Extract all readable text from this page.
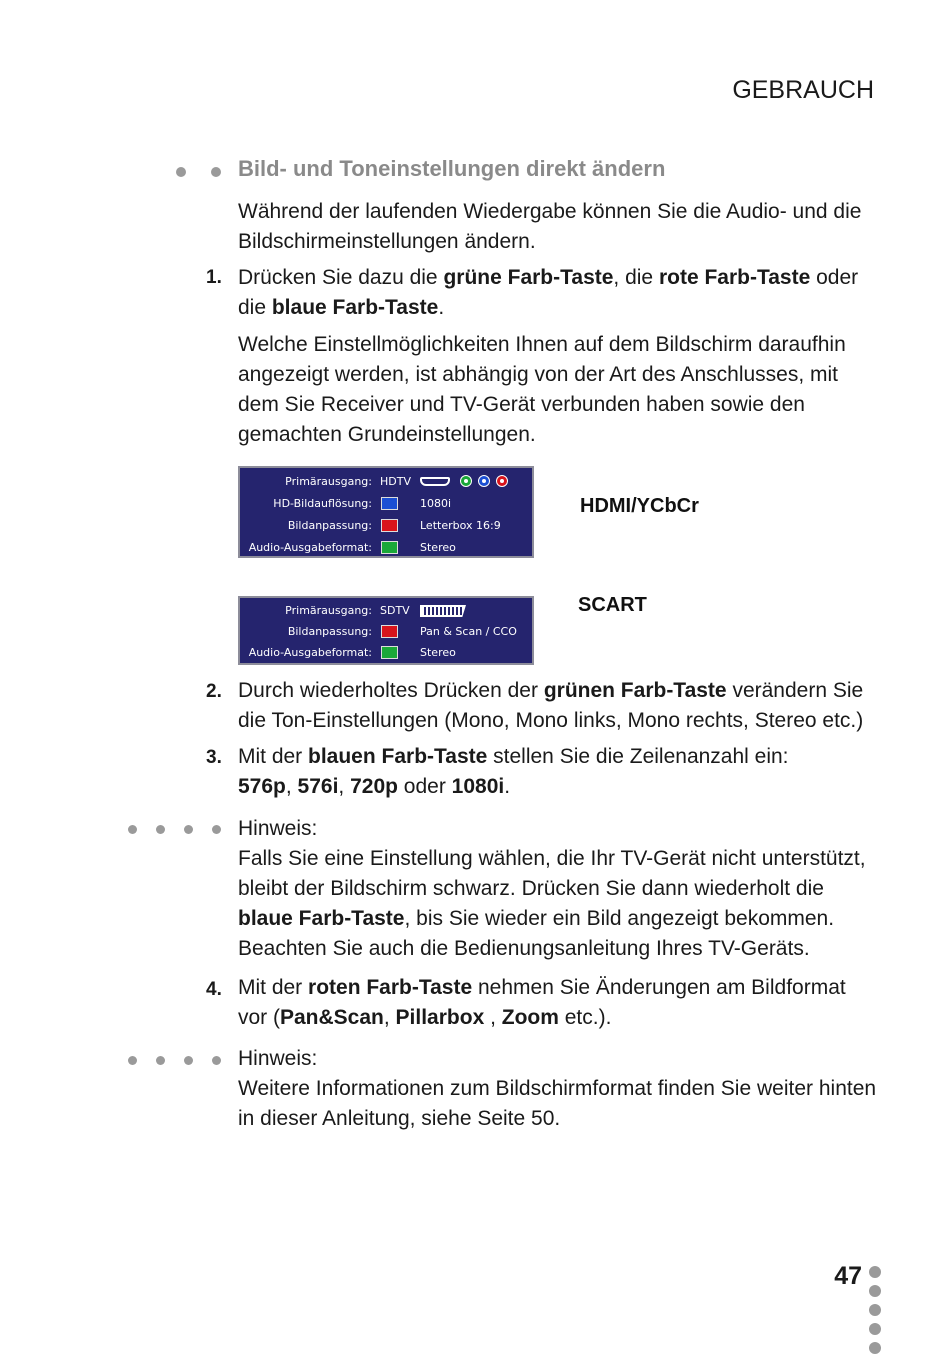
GEBRAUCH
Bild- und Toneinstellungen direkt ändern
Während der laufenden Wiedergabe können Sie die Audio- und die Bildschirmeinstellungen ändern.
1. Drücken Sie dazu die grüne Farb-Taste, die rote Farb-Taste oder die blaue Farb-Taste.
Welche Einstellmöglichkeiten Ihnen auf dem Bildschirm daraufhin angezeigt werden, ist abhängig von der Art des Anschlusses, mit dem Sie Receiver und TV-Gerät verbunden haben sowie den gemachten Grundeinstellungen.
Primärausgang: HDTV
HD-Bildauflösung:	1080i
Bildanpassung:	Letterbox 16:9
Audio-Ausgabeformat:	Stereo
HDMI/YCbCr
Primärausgang: SDTV
Bildanpassung:	Pan & Scan / CCO
Audio-Ausgabeformat:	Stereo
SCART
2. Durch wiederholtes Drücken der grünen Farb-Taste verändern Sie die Ton-Einstellungen (Mono, Mono links, Mono rechts, Stereo etc.)
3. Mit der blauen Farb-Taste stellen Sie die Zeilenanzahl ein:
576p, 576i, 720p oder 1080i.
Hinweis:
Falls Sie eine Einstellung wählen, die Ihr TV-Gerät nicht unterstützt, bleibt der Bildschirm schwarz. Drücken Sie dann wiederholt die blaue Farb-Taste, bis Sie wieder ein Bild angezeigt bekommen. Beachten Sie auch die Bedienungsanleitung Ihres TV-Geräts.
4. Mit der roten Farb-Taste nehmen Sie Änderungen am Bildformat vor (Pan&Scan, Pillarbox , Zoom etc.).
Hinweis:
Weitere Informationen zum Bildschirmformat finden Sie weiter hinten in dieser Anleitung, siehe Seite 50.
47
